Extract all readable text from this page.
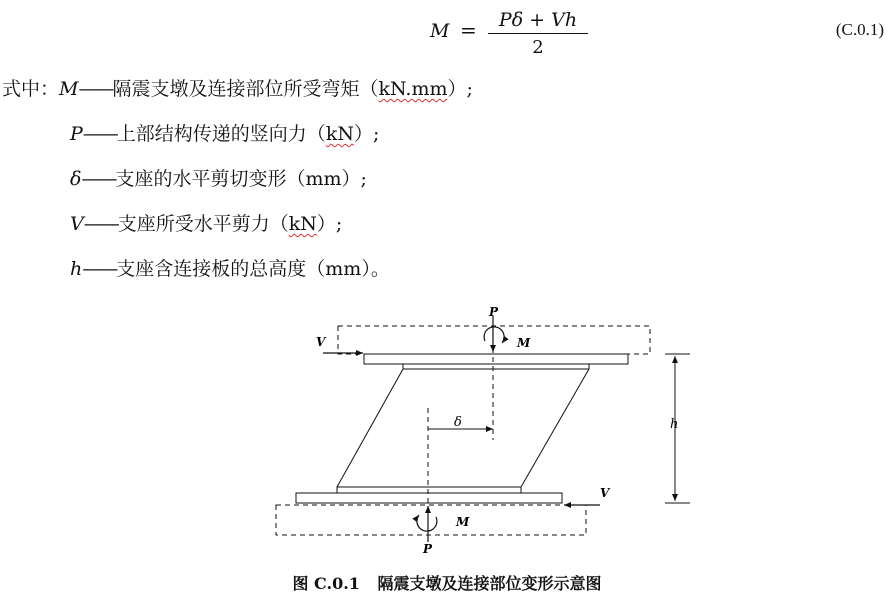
M =	Pδ + Vh
2
(C.0.1)
式中：M——隔震支墩及连接部位所受弯矩（kN.mm）;
P——上部结构传递的竖向力（kN）;
δ——支座的水平剪切变形（mm）;
V——支座所受水平剪力（kN）;
h——支座含连接板的总高度（mm）。
δ
P
M
V
h
V
P
M
图 C.0.1 隔震支墩及连接部位变形示意图
